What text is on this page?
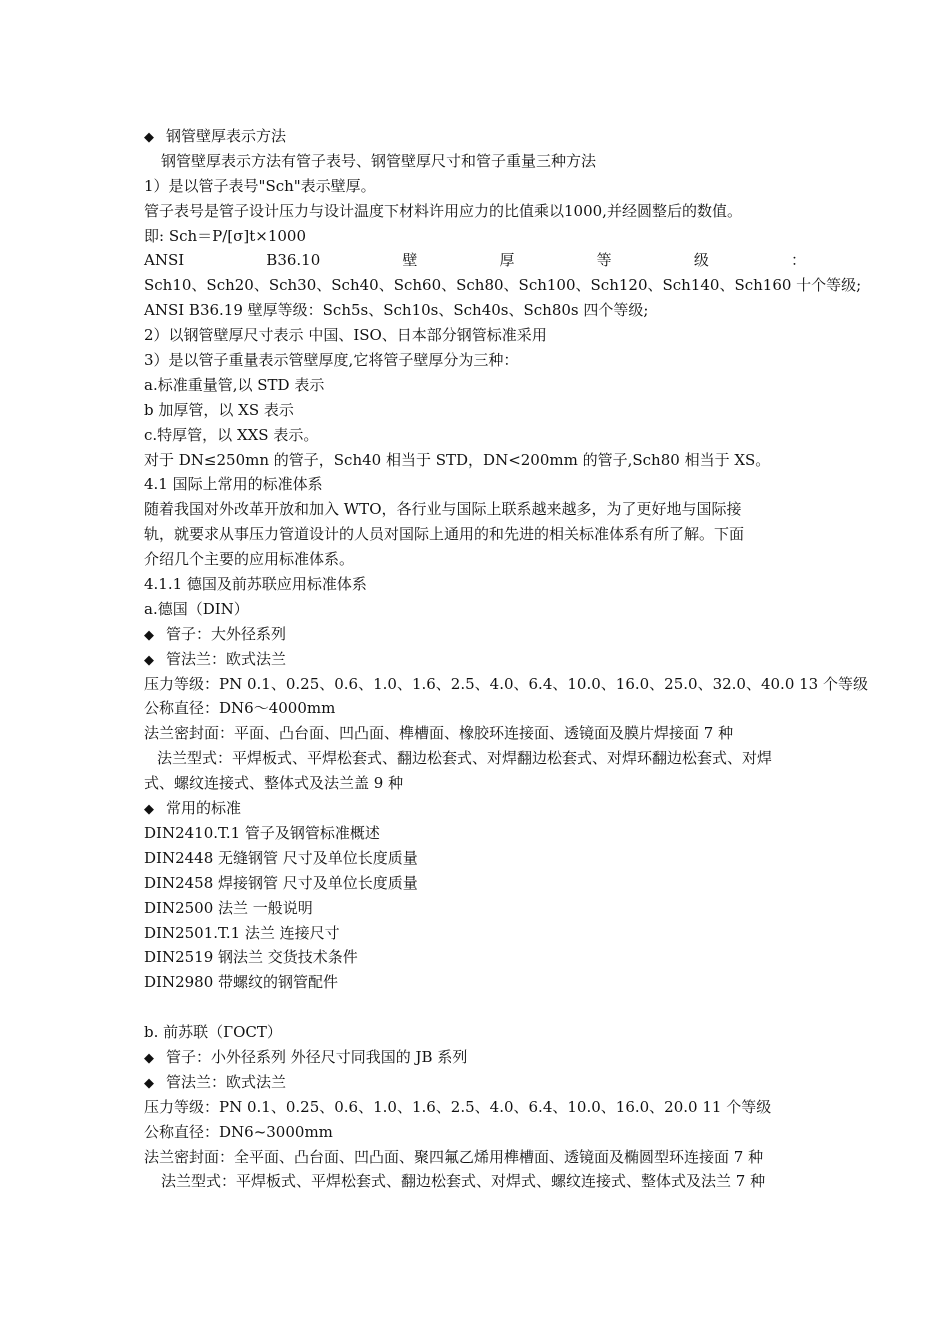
◆ 钢管壁厚表示方法
钢管壁厚表示方法有管子表号、钢管壁厚尺寸和管子重量三种方法
1）是以管子表号"Sch"表示壁厚。
管子表号是管子设计压力与设计温度下材料许用应力的比值乘以1000,并经圆整后的数值。
即: Sch＝P/[σ]t×1000
ANSI	B36.10	壁	厚	等	级	：
Sch10、Sch20、Sch30、Sch40、Sch60、Sch80、Sch100、Sch120、Sch140、Sch160 十个等级;
ANSI B36.19 壁厚等级：Sch5s、Sch10s、Sch40s、Sch80s 四个等级;
2）以钢管壁厚尺寸表示 中国、ISO、日本部分钢管标准采用
3）是以管子重量表示管壁厚度,它将管子壁厚分为三种：
a.标准重量管,以 STD 表示
b 加厚管，以 XS 表示
c.特厚管，以 XXS 表示。
对于 DN≤250mn 的管子，Sch40 相当于 STD，DN<200mm 的管子,Sch80 相当于 XS。
4.1 国际上常用的标准体系
随着我国对外改革开放和加入 WTO，各行业与国际上联系越来越多，为了更好地与国际接
轨，就要求从事压力管道设计的人员对国际上通用的和先进的相关标准体系有所了解。下面
介绍几个主要的应用标准体系。
4.1.1 德国及前苏联应用标准体系
a.德国（DIN）
◆ 管子：大外径系列
◆ 管法兰：欧式法兰
压力等级：PN 0.1、0.25、0.6、1.0、1.6、2.5、4.0、6.4、10.0、16.0、25.0、32.0、40.0 13 个等级
公称直径：DN6～4000mm
法兰密封面：平面、凸台面、凹凸面、榫槽面、橡胶环连接面、透镜面及膜片焊接面 7 种
法兰型式：平焊板式、平焊松套式、翻边松套式、对焊翻边松套式、对焊环翻边松套式、对焊
式、螺纹连接式、整体式及法兰盖 9 种
◆ 常用的标准
DIN2410.T.1 管子及钢管标准概述
DIN2448 无缝钢管 尺寸及单位长度质量
DIN2458 焊接钢管 尺寸及单位长度质量
DIN2500 法兰 一般说明
DIN2501.T.1 法兰 连接尺寸
DIN2519 钢法兰 交货技术条件
DIN2980 带螺纹的钢管配件
b. 前苏联（ГОСТ）
◆ 管子：小外径系列 外径尺寸同我国的 JB 系列
◆ 管法兰：欧式法兰
压力等级：PN 0.1、0.25、0.6、1.0、1.6、2.5、4.0、6.4、10.0、16.0、20.0 11 个等级
公称直径：DN6~3000mm
法兰密封面：全平面、凸台面、凹凸面、聚四氟乙烯用榫槽面、透镜面及椭圆型环连接面 7 种
法兰型式：平焊板式、平焊松套式、翻边松套式、对焊式、螺纹连接式、整体式及法兰 7 种
